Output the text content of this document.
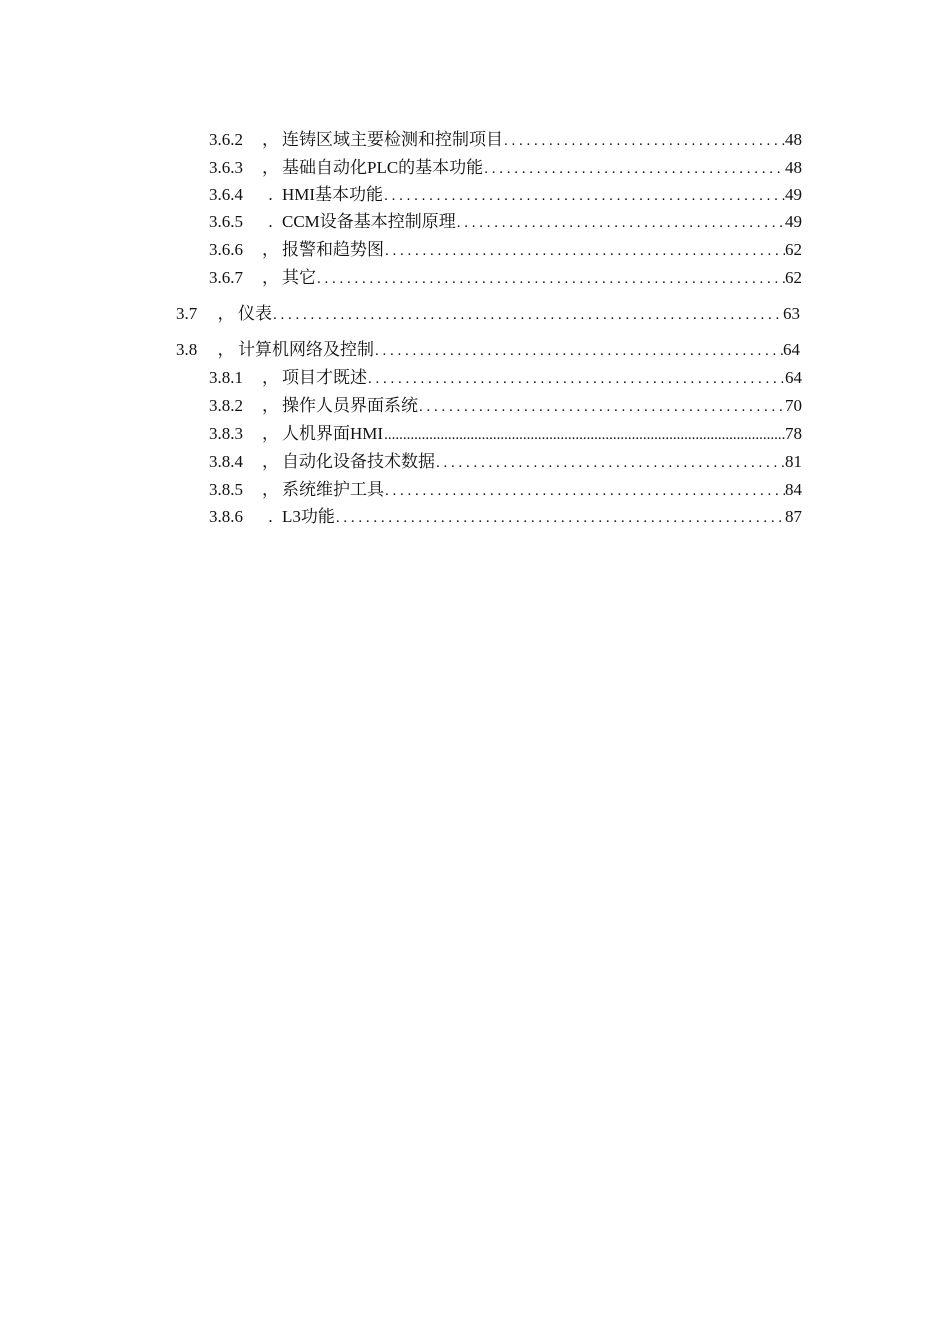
3.6.2	， 连铸区域主要检测和控制项目 . . .	48
3.6.3	， 基础自动化PLC的基本功能 . . .	48
3.6.4	. HMI基本功能 . . .	49
3.6.5	. CCM设备基本控制原理 . . .	49
3.6.6	， 报警和趋势图 . . .	62
3.6.7	， 其它 . . .	62
3.7	， 仪表 . . .	63
3.8	， 计算机网络及控制 . . .	64
3.8.1	， 项目才既述 . . .	64
3.8.2	， 操作人员界面系统 . . .	70
3.8.3	， 人机界面HMI .....	78
3.8.4	， 自动化设备技术数据 . . .	81
3.8.5	， 系统维护工具 . . .	84
3.8.6	. L3功能 . . .	87
